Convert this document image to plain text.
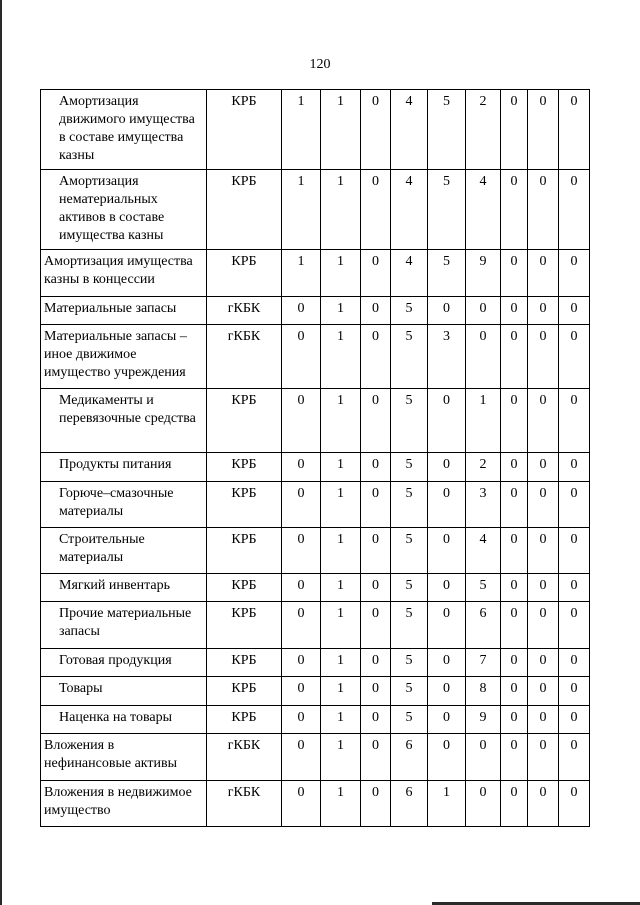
120
Амортизация движимого имущества в составе имущества казны	КРБ	1	1	0	4	5	2	0	0	0
Амортизация нематериальных активов в составе имущества казны	КРБ	1	1	0	4	5	4	0	0	0
Амортизация имущества казны в концессии	КРБ	1	1	0	4	5	9	0	0	0
Материальные запасы	гКБК	0	1	0	5	0	0	0	0	0
Материальные запасы – иное движимое имущество учреждения	гКБК	0	1	0	5	3	0	0	0	0
Медикаменты и перевязочные средства	КРБ	0	1	0	5	0	1	0	0	0
Продукты питания	КРБ	0	1	0	5	0	2	0	0	0
Горюче–смазочные материалы	КРБ	0	1	0	5	0	3	0	0	0
Строительные материалы	КРБ	0	1	0	5	0	4	0	0	0
Мягкий инвентарь	КРБ	0	1	0	5	0	5	0	0	0
Прочие материальные запасы	КРБ	0	1	0	5	0	6	0	0	0
Готовая продукция	КРБ	0	1	0	5	0	7	0	0	0
Товары	КРБ	0	1	0	5	0	8	0	0	0
Наценка на товары	КРБ	0	1	0	5	0	9	0	0	0
Вложения в нефинансовые активы	гКБК	0	1	0	6	0	0	0	0	0
Вложения в недвижимое имущество	гКБК	0	1	0	6	1	0	0	0	0
